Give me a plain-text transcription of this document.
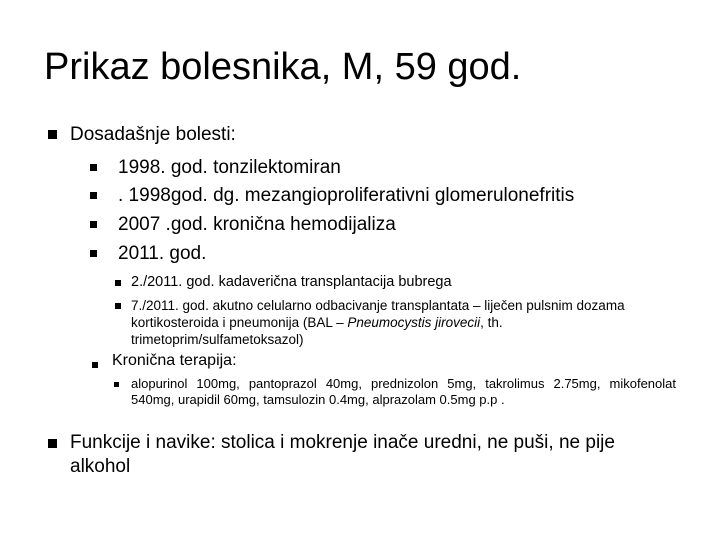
Prikaz bolesnika, M, 59 god.
Dosadašnje bolesti:
1998. god. tonzilektomiran
. 1998god. dg. mezangioproliferativni glomerulonefritis
2007 .god. kronična hemodijaliza
2011. god.
2./2011. god. kadaverična transplantacija bubrega
7./2011. god. akutno celularno odbacivanje transplantata – liječen pulsnim dozama kortikosteroida i pneumonija (BAL – Pneumocystis jirovecii, th. trimetoprim/sulfametoksazol)
Kronična terapija:
alopurinol 100mg, pantoprazol 40mg, prednizolon 5mg, takrolimus 2.75mg, mikofenolat 540mg, urapidil 60mg, tamsulozin 0.4mg, alprazolam 0.5mg p.p .
Funkcije i navike: stolica i mokrenje inače uredni, ne puši, ne pije alkohol
